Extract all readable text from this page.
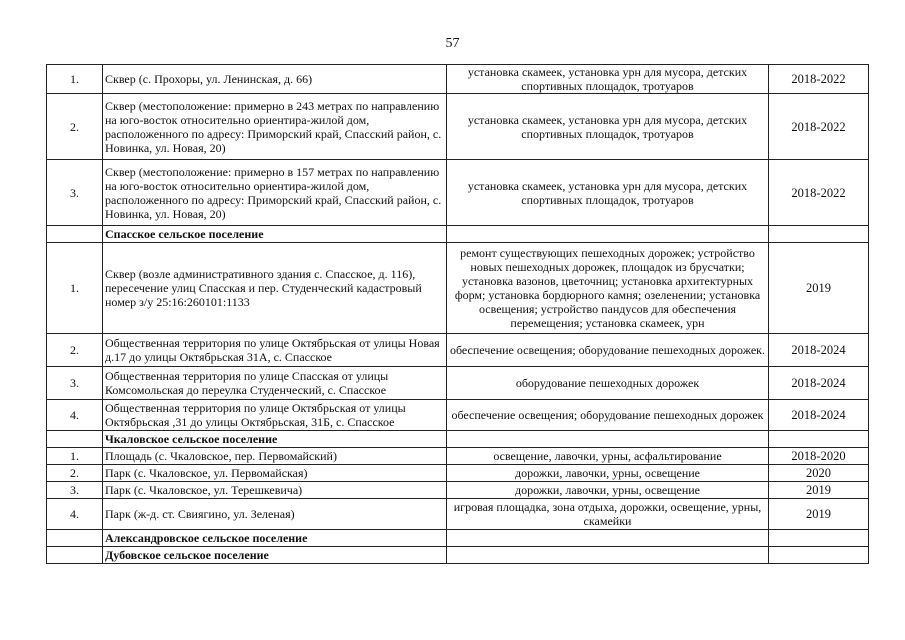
57
1.	Сквер (с. Прохоры, ул. Ленинская, д. 66)	установка скамеек, установка урн для мусора, детских спортивных площадок, тротуаров	2018-2022
2.	Сквер (местоположение: примерно в 243 метрах по направлению на юго-восток относительно ориентира-жилой дом, расположенного по адресу: Приморский край, Спасский район, с. Новинка, ул. Новая, 20)	установка скамеек, установка урн для мусора, детских спортивных площадок, тротуаров	2018-2022
3.	Сквер (местоположение: примерно в 157 метрах по направлению на юго-восток относительно ориентира-жилой дом, расположенного по адресу: Приморский край, Спасский район, с. Новинка, ул. Новая, 20)	установка скамеек, установка урн для мусора, детских спортивных площадок, тротуаров	2018-2022
	Спасское сельское поселение		
1.	Сквер (возле административного здания с. Спасское, д. 116), пересечение улиц Спасская и пер. Студенческий кадастровый номер з/у 25:16:260101:1133	ремонт существующих пешеходных дорожек; устройство новых пешеходных дорожек, площадок из брусчатки; установка вазонов, цветочниц; установка архитектурных форм; установка бордюрного камня; озеленении; установка освещения; устройство пандусов для обеспечения перемещения; установка скамеек, урн	2019
2.	Общественная территория по улице Октябрьская от улицы Новая д.17 до улицы Октябрьская 31А, с. Спасское	обеспечение освещения; оборудование пешеходных дорожек.	2018-2024
3.	Общественная территория по улице Спасская от улицы Комсомольская до переулка Студенческий, с. Спасское	оборудование пешеходных дорожек	2018-2024
4.	Общественная территория по улице Октябрьская от улицы Октябрьская ,31 до улицы Октябрьская, 31Б, с. Спасское	обеспечение освещения; оборудование пешеходных дорожек	2018-2024
	Чкаловское сельское поселение		
1.	Площадь (с. Чкаловское, пер. Первомайский)	освещение, лавочки, урны, асфальтирование	2018-2020
2.	Парк (с. Чкаловское, ул. Первомайская)	дорожки, лавочки, урны, освещение	2020
3.	Парк (с. Чкаловское, ул. Терешкевича)	дорожки, лавочки, урны, освещение	2019
4.	Парк (ж-д. ст. Свиягино, ул. Зеленая)	игровая площадка, зона отдыха, дорожки, освещение, урны, скамейки	2019
	Александровское сельское поселение		
	Дубовское сельское поселение		
